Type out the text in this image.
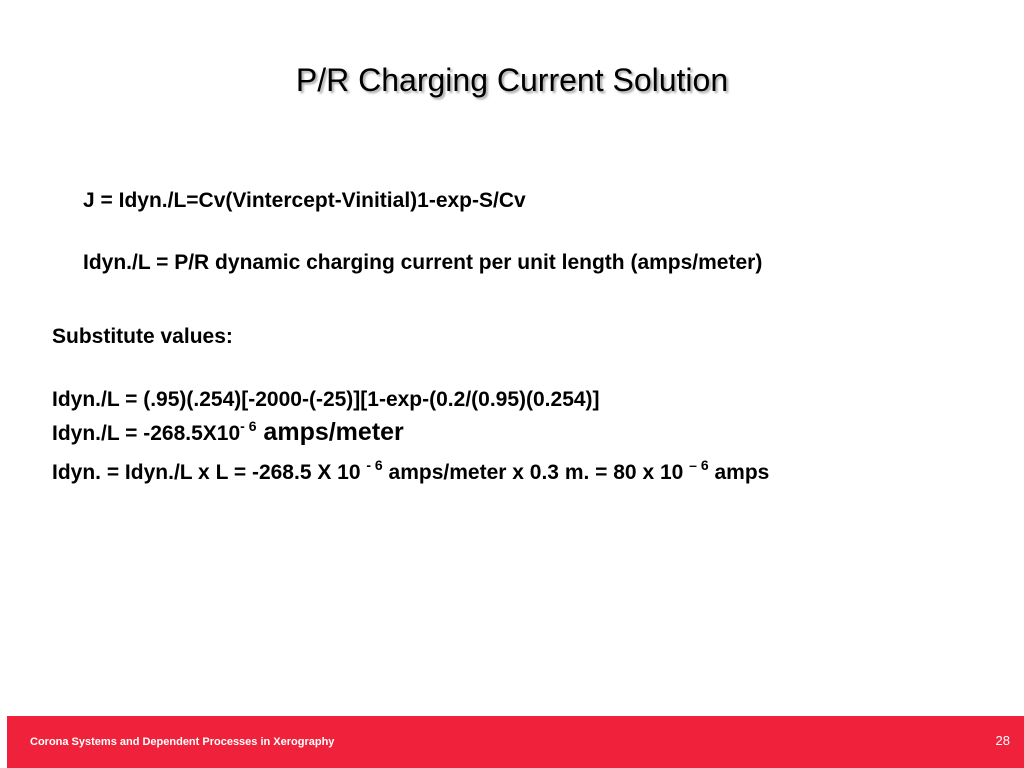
P/R Charging Current Solution
J = Idyn./L=Cv(Vintercept-Vinitial)1-exp-S/Cv
Idyn./L = P/R dynamic charging current per unit length (amps/meter)
Substitute values:
Idyn./L = (.95)(.254)[-2000-(-25)][1-exp-(0.2/(0.95)(0.254)]
Idyn./L = $-268.5X10^{- 6}$ amps/meter
Idyn. = Idyn./L x L = -268.5 X 10 $^{- 6}$ amps/meter x 0.3 m. = 80 x 10 $^{- 6}$ amps
Corona Systems and Dependent Processes in Xerography	28
